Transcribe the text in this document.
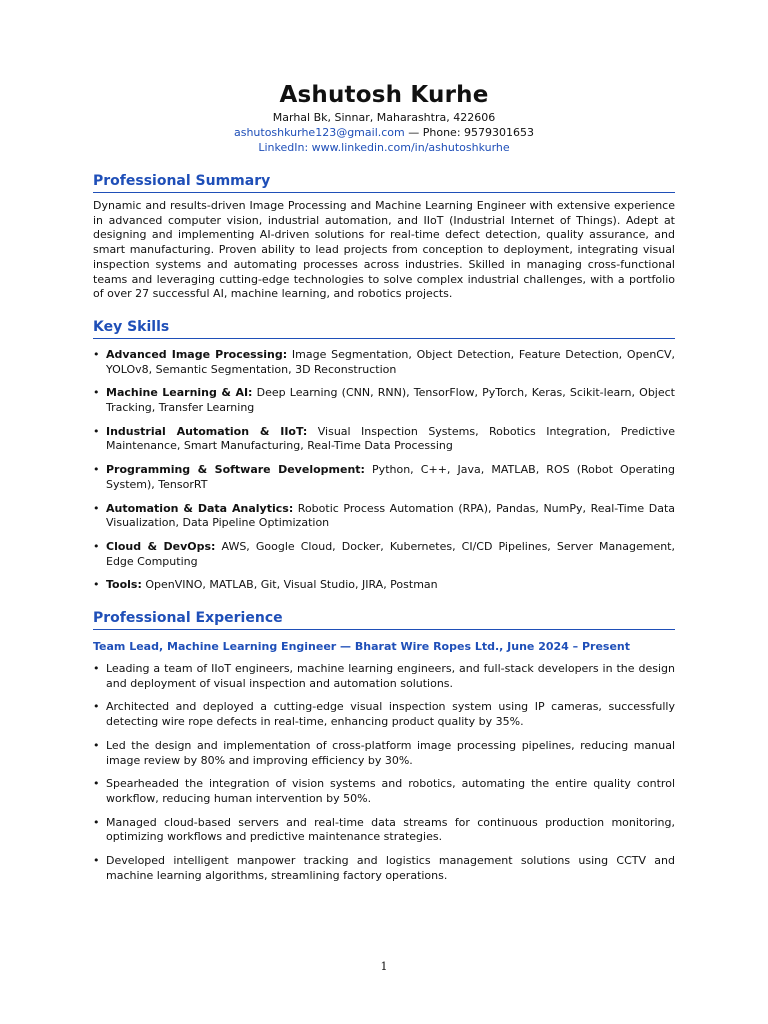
Ashutosh Kurhe

Marhal Bk, Sinnar, Maharashtra, 422606

ashutoshkurhe123@gmail.com — Phone: 9579301653

LinkedIn: www.linkedin.com/in/ashutoshkurhe

Professional Summary

Dynamic and results-driven Image Processing and Machine Learning Engineer with extensive experience in advanced computer vision, industrial automation, and IIoT (Industrial Internet of Things). Adept at designing and implementing AI-driven solutions for real-time defect detection, quality assurance, and smart manufacturing. Proven ability to lead projects from conception to deployment, integrating visual inspection systems and automating processes across industries. Skilled in managing cross-functional teams and leveraging cutting-edge technologies to solve complex industrial challenges, with a portfolio of over 27 successful AI, machine learning, and robotics projects.

Key Skills
• Advanced Image Processing: Image Segmentation, Object Detection, Feature Detection, OpenCV, YOLOv8, Semantic Segmentation, 3D Reconstruction
• Machine Learning & AI: Deep Learning (CNN, RNN), TensorFlow, PyTorch, Keras, Scikit-learn, Object Tracking, Transfer Learning
• Industrial Automation & IIoT: Visual Inspection Systems, Robotics Integration, Predictive Maintenance, Smart Manufacturing, Real-Time Data Processing
• Programming & Software Development: Python, C++, Java, MATLAB, ROS (Robot Operating System), TensorRT
• Automation & Data Analytics: Robotic Process Automation (RPA), Pandas, NumPy, Real-Time Data Visualization, Data Pipeline Optimization
• Cloud & DevOps: AWS, Google Cloud, Docker, Kubernetes, CI/CD Pipelines, Server Management, Edge Computing
• Tools: OpenVINO, MATLAB, Git, Visual Studio, JIRA, Postman
Professional Experience

Team Lead, Machine Learning Engineer — Bharat Wire Ropes Ltd., June 2024 – Present

• Leading a team of IIoT engineers, machine learning engineers, and full-stack developers in the design and deployment of visual inspection and automation solutions.
• Architected and deployed a cutting-edge visual inspection system using IP cameras, successfully detecting wire rope defects in real-time, enhancing product quality by 35%.
• Led the design and implementation of cross-platform image processing pipelines, reducing manual image review by 80% and improving efficiency by 30%.
• Spearheaded the integration of vision systems and robotics, automating the entire quality control workflow, reducing human intervention by 50%.
• Managed cloud-based servers and real-time data streams for continuous production monitoring, optimizing workflows and predictive maintenance strategies.
• Developed intelligent manpower tracking and logistics management solutions using CCTV and machine learning algorithms, streamlining factory operations.
1
